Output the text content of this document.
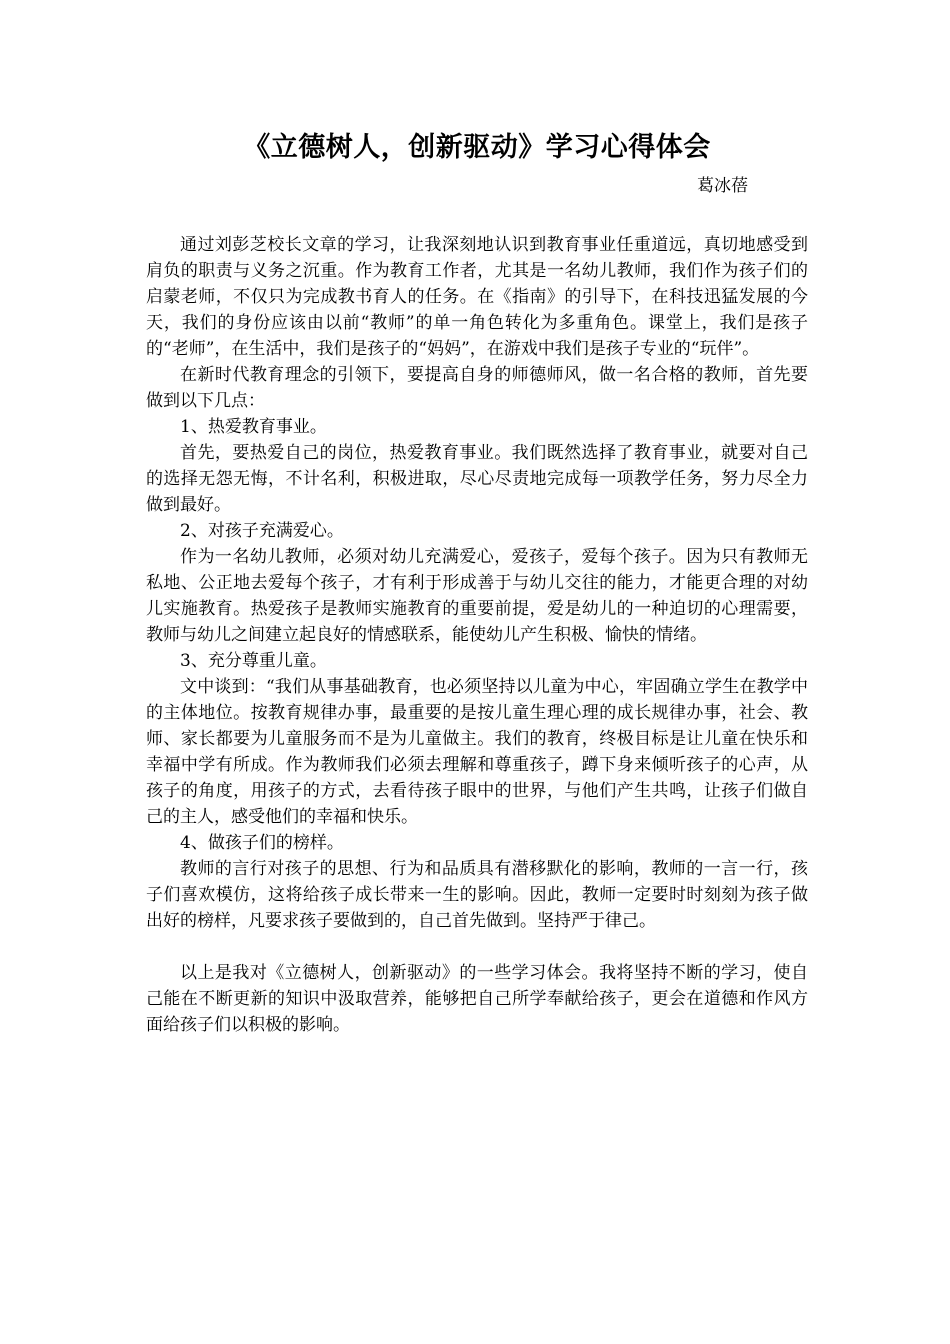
《立德树人，创新驱动》学习心得体会
葛冰蓓

通过刘彭芝校长文章的学习，让我深刻地认识到教育事业任重道远，真切地感受到肩负的职责与义务之沉重。作为教育工作者，尤其是一名幼儿教师，我们作为孩子们的启蒙老师，不仅只为完成教书育人的任务。在《指南》的引导下，在科技迅猛发展的今天，我们的身份应该由以前“教师”的单一角色转化为多重角色。课堂上，我们是孩子的“老师”，在生活中，我们是孩子的“妈妈”，在游戏中我们是孩子专业的“玩伴”。

在新时代教育理念的引领下，要提高自身的师德师风，做一名合格的教师，首先要做到以下几点：

1、热爱教育事业。

首先，要热爱自己的岗位，热爱教育事业。我们既然选择了教育事业，就要对自己的选择无怨无悔，不计名利，积极进取，尽心尽责地完成每一项教学任务，努力尽全力做到最好。

2、对孩子充满爱心。

作为一名幼儿教师，必须对幼儿充满爱心，爱孩子，爱每个孩子。因为只有教师无私地、公正地去爱每个孩子，才有利于形成善于与幼儿交往的能力，才能更合理的对幼儿实施教育。热爱孩子是教师实施教育的重要前提，爱是幼儿的一种迫切的心理需要，教师与幼儿之间建立起良好的情感联系，能使幼儿产生积极、愉快的情绪。

3、充分尊重儿童。

文中谈到：“我们从事基础教育，也必须坚持以儿童为中心，牢固确立学生在教学中的主体地位。按教育规律办事，最重要的是按儿童生理心理的成长规律办事，社会、教师、家长都要为儿童服务而不是为儿童做主。我们的教育，终极目标是让儿童在快乐和幸福中学有所成。作为教师我们必须去理解和尊重孩子，蹲下身来倾听孩子的心声，从孩子的角度，用孩子的方式，去看待孩子眼中的世界，与他们产生共鸣，让孩子们做自己的主人，感受他们的幸福和快乐。

4、做孩子们的榜样。

教师的言行对孩子的思想、行为和品质具有潜移默化的影响，教师的一言一行，孩子们喜欢模仿，这将给孩子成长带来一生的影响。因此，教师一定要时时刻刻为孩子做出好的榜样，凡要求孩子要做到的，自己首先做到。坚持严于律己。

以上是我对《立德树人，创新驱动》的一些学习体会。我将坚持不断的学习，使自己能在不断更新的知识中汲取营养，能够把自己所学奉献给孩子，更会在道德和作风方面给孩子们以积极的影响。
